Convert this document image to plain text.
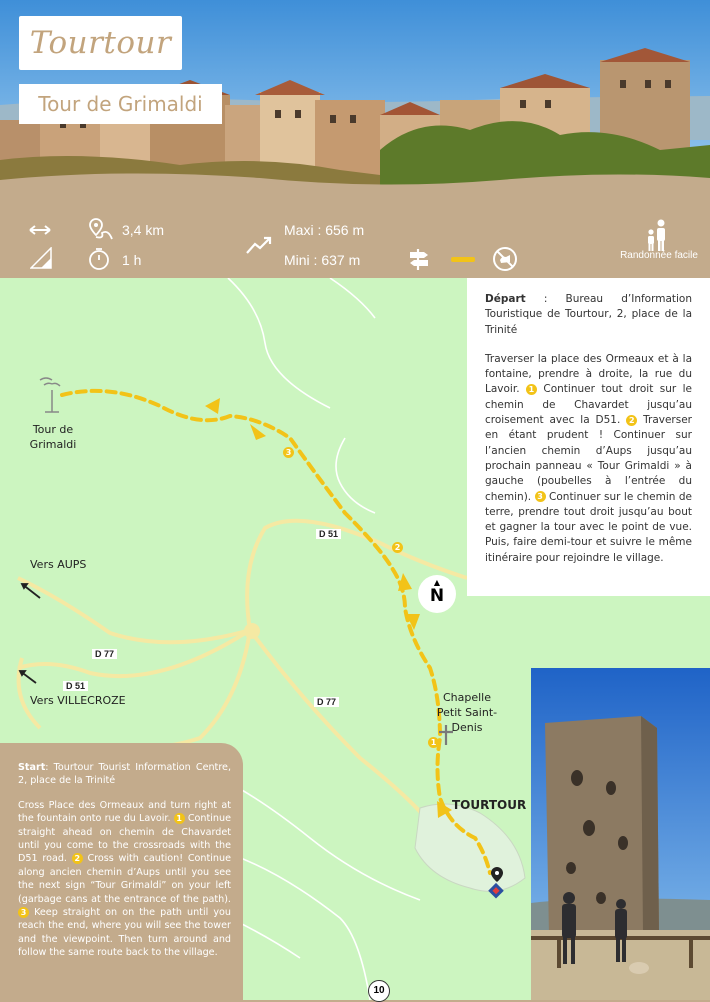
Tourtour
Tour de Grimaldi
3,4 km
1 h
Maxi : 656 m
Mini : 637 m	Randonnée facile
3
2
1
▲
N
Tour de Grimaldi
Chapelle Petit Saint-Denis
TOURTOUR
Vers AUPS
Vers VILLECROZE
D 51
D 51
D 77
D 77

Départ : Bureau d’Information Touristique de Tourtour, 2, place de la Trinité

Traverser la place des Ormeaux et à la fontaine, prendre à droite, la rue du Lavoir. 1 Continuer tout droit sur le chemin de Chavardet jusqu’au croisement avec la D51. 2 Traverser en étant prudent ! Continuer sur l’ancien chemin d’Aups jusqu’au prochain panneau « Tour Grimaldi » à gauche (poubelles à l’entrée du chemin). 3 Continuer sur le chemin de terre, prendre tout droit jusqu’au bout et gagner la tour avec le point de vue. Puis, faire demi-tour et suivre le même itinéraire pour rejoindre le village.

Start: Tourtour Tourist Information Centre, 2, place de la Trinité

Cross Place des Ormeaux and turn right at the fountain onto rue du Lavoir. 1 Continue straight ahead on chemin de Chavardet until you come to the crossroads with the D51 road. 2 Cross with caution! Continue along ancien chemin d’Aups until you see the next sign “Tour Grimaldi” on your left (garbage cans at the entrance of the path). 3 Keep straight on on the path until you reach the end, where you will see the tower and the viewpoint. Then turn around and follow the same route back to the village.

10
